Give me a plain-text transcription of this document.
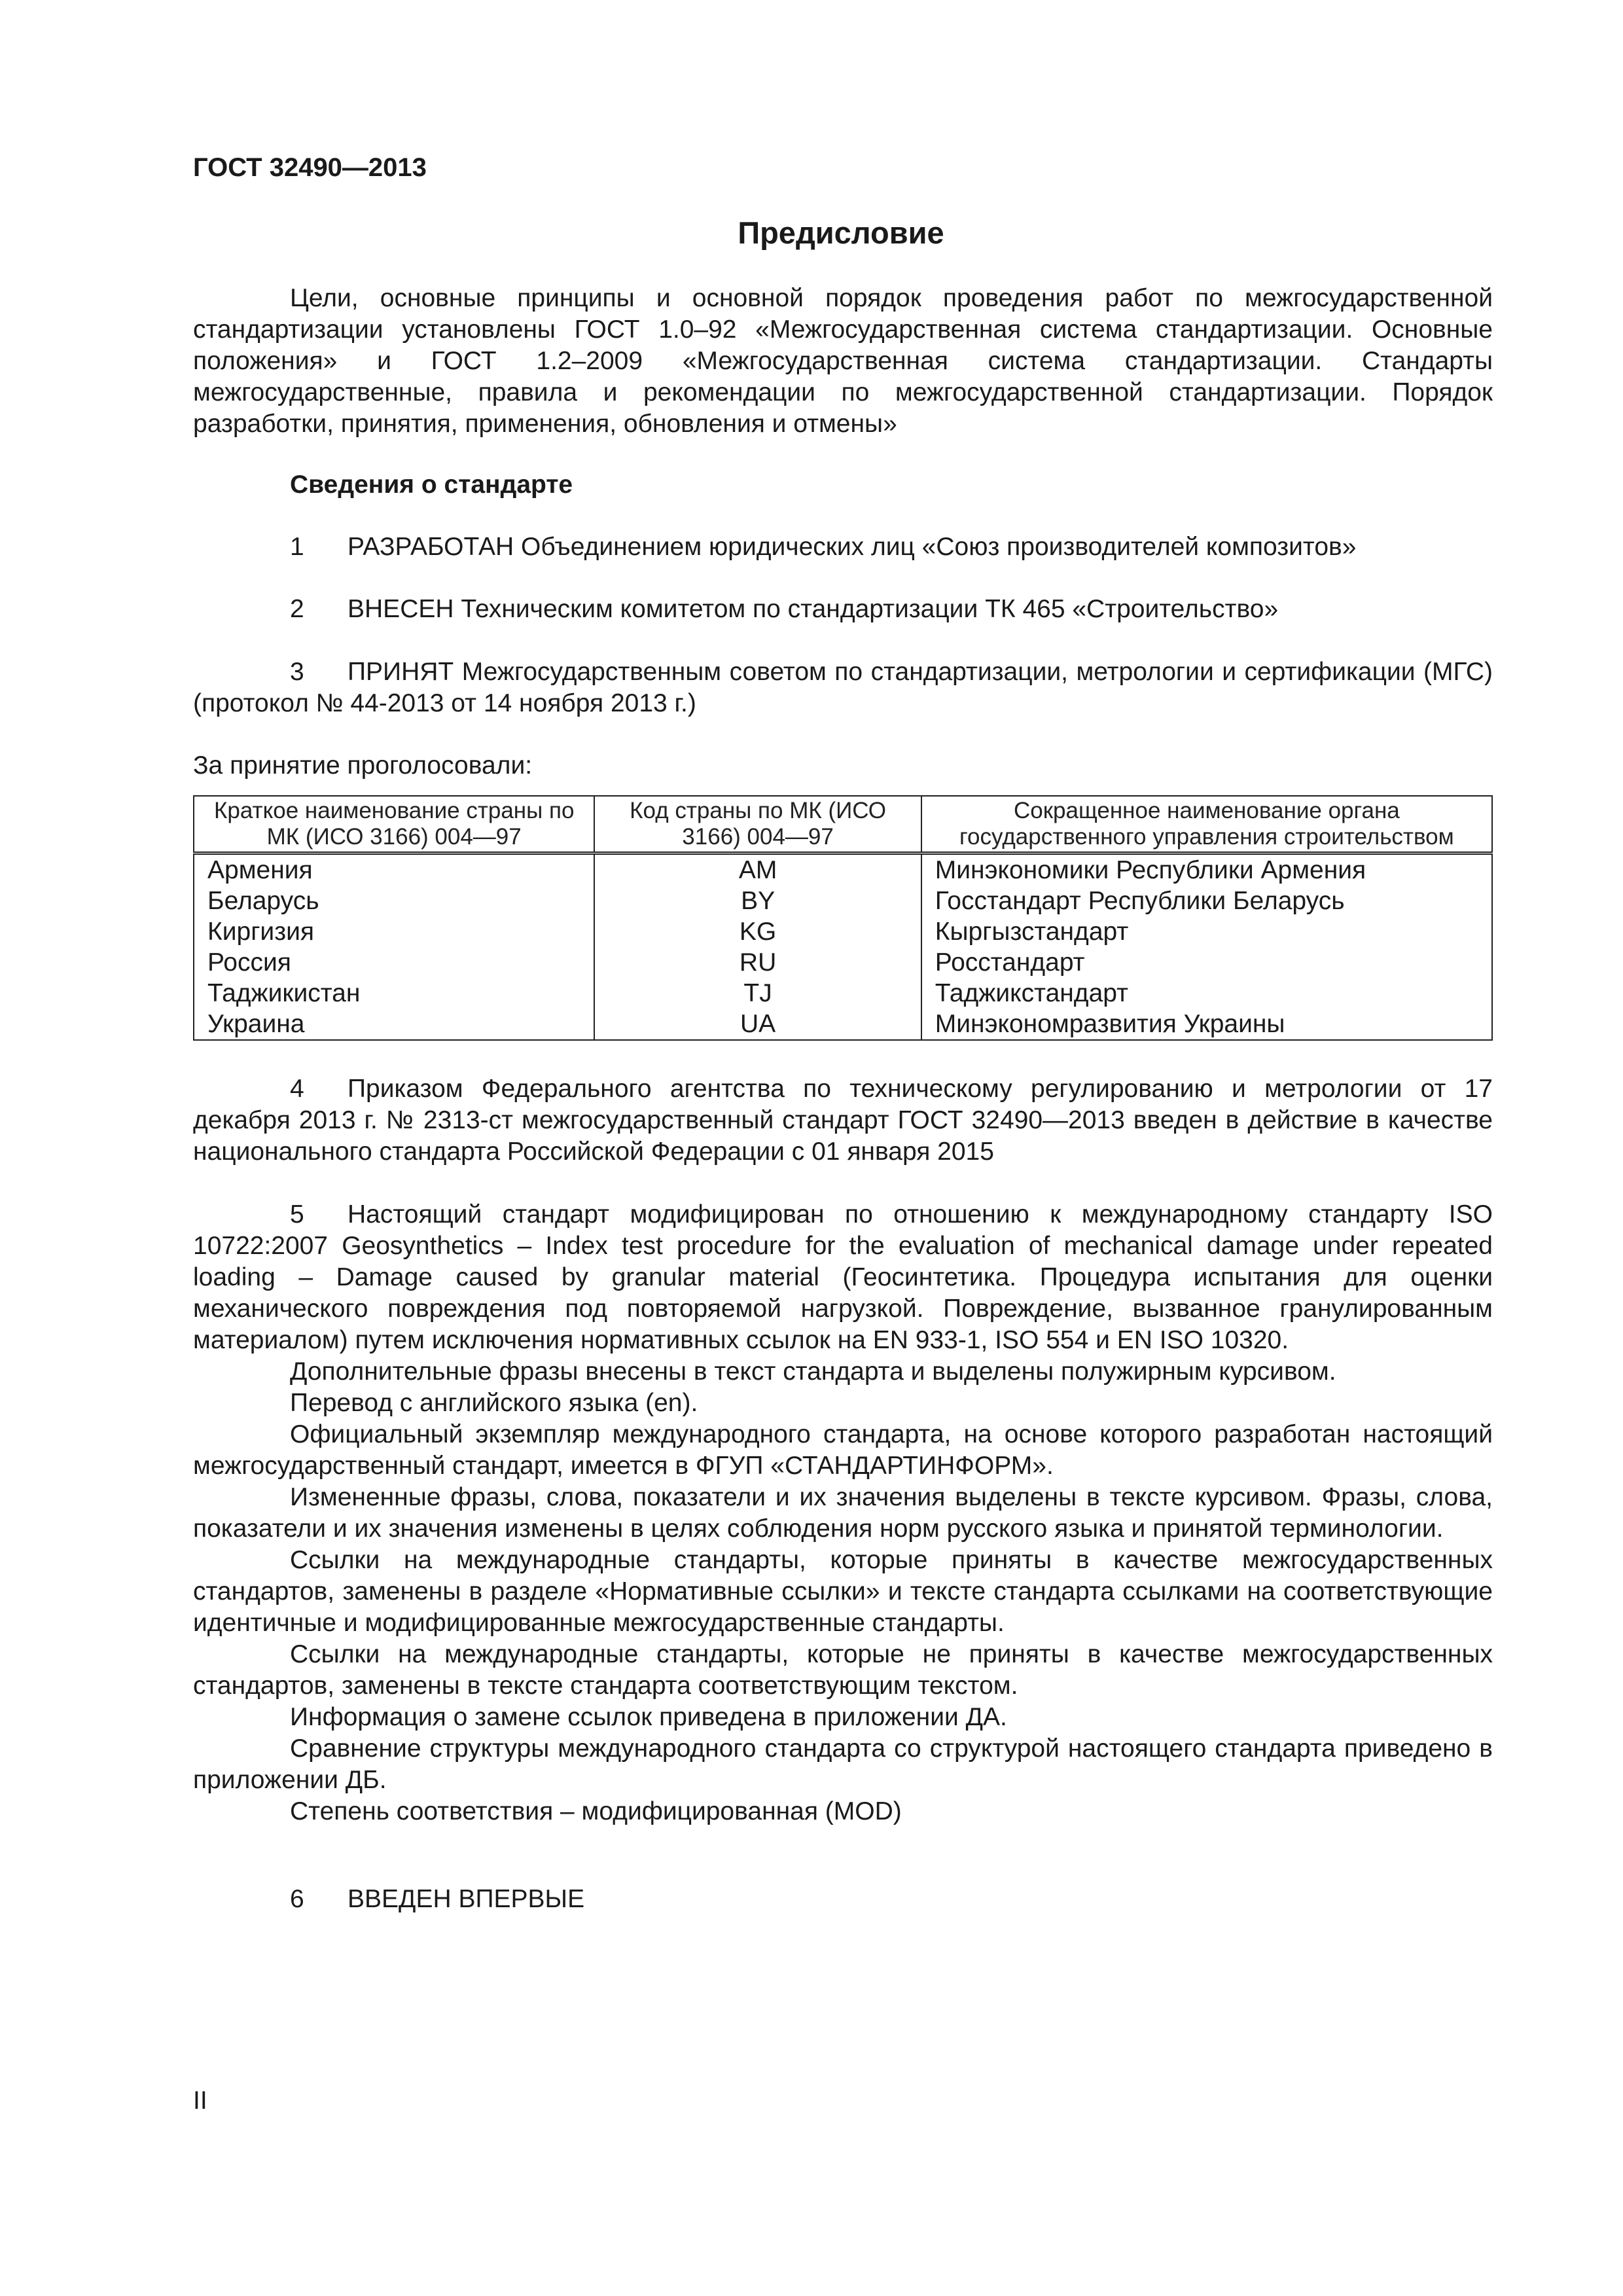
ГОСТ 32490—2013
Предисловие

Цели, основные принципы и основной порядок проведения работ по межгосударственной стандартизации установлены ГОСТ 1.0–92 «Межгосударственная система стандартизации. Основные положения» и ГОСТ 1.2–2009 «Межгосударственная система стандартизации. Стандарты межгосударственные, правила и рекомендации по межгосударственной стандартизации. Порядок разработки, принятия, применения, обновления и отмены»

Сведения о стандарте
1 РАЗРАБОТАН Объединением юридических лиц «Союз производителей композитов»
2 ВНЕСЕН Техническим комитетом по стандартизации ТК 465 «Строительство»
3 ПРИНЯТ Межгосударственным советом по стандартизации, метрологии и сертификации (МГС) (протокол № 44-2013 от 14 ноября 2013 г.)
За принятие проголосовали:
Краткое наименование страны по МК (ИСО 3166) 004—97	Код страны по МК (ИСО 3166) 004—97	Сокращенное наименование органа государственного управления строительством
Армения	AM	Минэкономики Республики Армения
Беларусь	BY	Госстандарт Республики Беларусь
Киргизия	KG	Кыргызстандарт
Россия	RU	Росстандарт
Таджикистан	TJ	Таджикстандарт
Украина	UA	Минэкономразвития Украины
4 Приказом Федерального агентства по техническому регулированию и метрологии от 17 декабря 2013 г. № 2313-ст межгосударственный стандарт ГОСТ 32490—2013 введен в действие в качестве национального стандарта Российской Федерации с 01 января 2015
5 Настоящий стандарт модифицирован по отношению к международному стандарту ISO 10722:2007 Geosynthetics – Index test procedure for the evaluation of mechanical damage under repeated loading – Damage caused by granular material (Геосинтетика. Процедура испытания для оценки механического повреждения под повторяемой нагрузкой. Повреждение, вызванное гранулированным материалом) путем исключения нормативных ссылок на EN 933-1, ISO 554 и EN ISO 10320.

Дополнительные фразы внесены в текст стандарта и выделены полужирным курсивом.

Перевод с английского языка (en).

Официальный экземпляр международного стандарта, на основе которого разработан настоящий межгосударственный стандарт, имеется в ФГУП «СТАНДАРТИНФОРМ».

Измененные фразы, слова, показатели и их значения выделены в тексте курсивом. Фразы, слова, показатели и их значения изменены в целях соблюдения норм русского языка и принятой терминологии.

Ссылки на международные стандарты, которые приняты в качестве межгосударственных стандартов, заменены в разделе «Нормативные ссылки» и тексте стандарта ссылками на соответствующие идентичные и модифицированные межгосударственные стандарты.

Ссылки на международные стандарты, которые не приняты в качестве межгосударственных стандартов, заменены в тексте стандарта соответствующим текстом.

Информация о замене ссылок приведена в приложении ДА.

Сравнение структуры международного стандарта со структурой настоящего стандарта приведено в приложении ДБ.

Степень соответствия – модифицированная (MOD)

6 ВВЕДЕН ВПЕРВЫЕ
II
